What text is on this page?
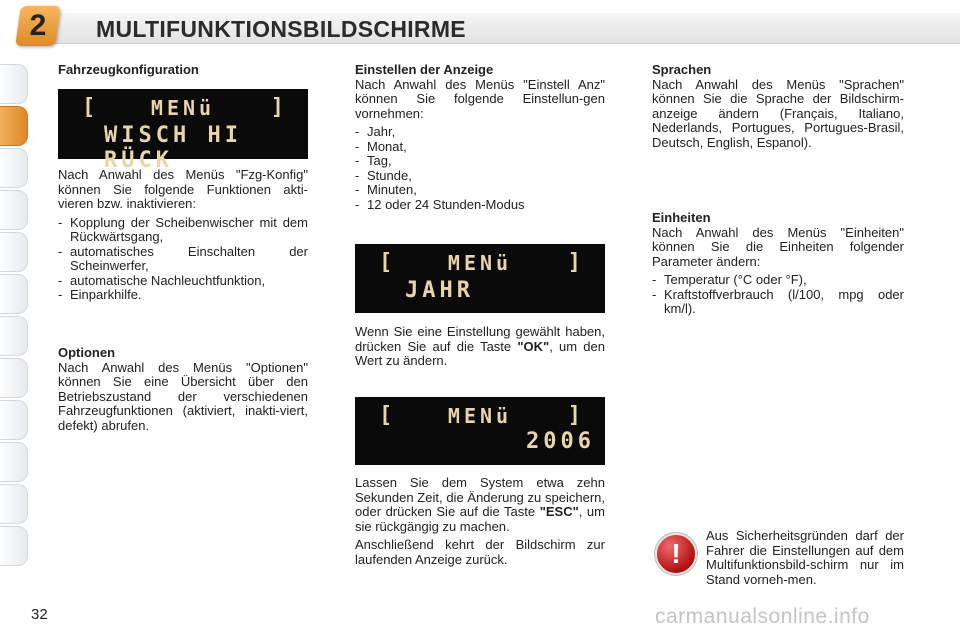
2	MULTIFUNKTIONSBILDSCHIRME

Fahrzeugkonfiguration

[	MENü	]
WISCH HI RÜCK

Nach Anwahl des Menüs "Fzg-Konfig" können Sie folgende Funktionen akti-vieren bzw. inaktivieren:

- Kopplung der Scheibenwischer mit dem Rückwärtsgang,
- automatisches Einschalten der Scheinwerfer,
- automatische Nachleuchtfunktion,
- Einparkhilfe.

Optionen

Nach Anwahl des Menüs "Optionen" können Sie eine Übersicht über den Betriebszustand der verschiedenen Fahrzeugfunktionen (aktiviert, inakti-viert, defekt) abrufen.

Einstellen der Anzeige

Nach Anwahl des Menüs "Einstell Anz" können Sie folgende Einstellun-gen vornehmen:

- Jahr,
- Monat,
- Tag,
- Stunde,
- Minuten,
- 12 oder 24 Stunden-Modus
[	MENü	]
JAHR

Wenn Sie eine Einstellung gewählt haben, drücken Sie auf die Taste "OK", um den Wert zu ändern.

[	MENü	]
2006

Lassen Sie dem System etwa zehn Sekunden Zeit, die Änderung zu speichern, oder drücken Sie auf die Taste "ESC", um sie rückgängig zu machen.

Anschließend kehrt der Bildschirm zur laufenden Anzeige zurück.

Sprachen

Nach Anwahl des Menüs "Sprachen" können Sie die Sprache der Bildschirm-anzeige ändern (Français, Italiano, Nederlands, Portugues, Portugues-Brasil, Deutsch, English, Espanol).

Einheiten

Nach Anwahl des Menüs "Einheiten" können Sie die Einheiten folgender Parameter ändern:

- Temperatur (°C oder °F),
- Kraftstoffverbrauch (l/100, mpg oder km/l).
!

Aus Sicherheitsgründen darf der Fahrer die Einstellungen auf dem Multifunktionsbild-schirm nur im Stand vorneh-men.

32	carmanualsonline.info
